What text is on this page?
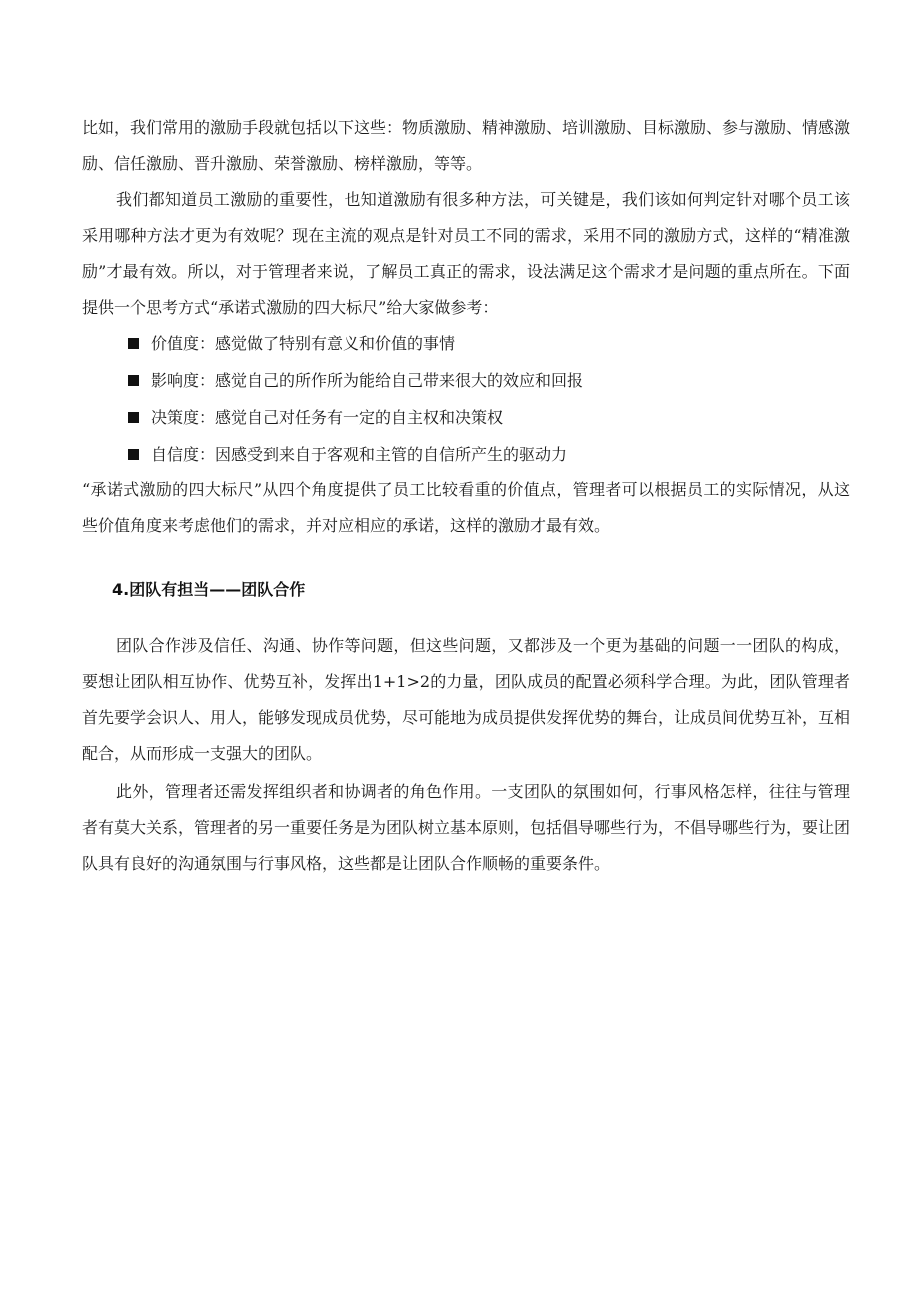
比如，我们常用的激励手段就包括以下这些：物质激励、精神激励、培训激励、目标激励、参与激励、情感激励、信任激励、晋升激励、荣誉激励、榜样激励，等等。

我们都知道员工激励的重要性，也知道激励有很多种方法，可关键是，我们该如何判定针对哪个员工该采用哪种方法才更为有效呢？现在主流的观点是针对员工不同的需求，采用不同的激励方式，这样的“精准激励”才最有效。所以，对于管理者来说，了解员工真正的需求，设法满足这个需求才是问题的重点所在。下面提供一个思考方式“承诺式激励的四大标尺”给大家做参考：

价值度：感觉做了特别有意义和价值的事情
影响度：感觉自己的所作所为能给自己带来很大的效应和回报
决策度：感觉自己对任务有一定的自主权和决策权
自信度：因感受到来自于客观和主管的自信所产生的驱动力

“承诺式激励的四大标尺”从四个角度提供了员工比较看重的价值点，管理者可以根据员工的实际情况，从这些价值角度来考虑他们的需求，并对应相应的承诺，这样的激励才最有效。

4.团队有担当——团队合作

团队合作涉及信任、沟通、协作等问题，但这些问题，又都涉及一个更为基础的问题一一团队的构成，要想让团队相互协作、优势互补，发挥出1+1>2的力量，团队成员的配置必须科学合理。为此，团队管理者首先要学会识人、用人，能够发现成员优势，尽可能地为成员提供发挥优势的舞台，让成员间优势互补，互相配合，从而形成一支强大的团队。

此外，管理者还需发挥组织者和协调者的角色作用。一支团队的氛围如何，行事风格怎样，往往与管理者有莫大关系，管理者的另一重要任务是为团队树立基本原则，包括倡导哪些行为，不倡导哪些行为，要让团队具有良好的沟通氛围与行事风格，这些都是让团队合作顺畅的重要条件。
